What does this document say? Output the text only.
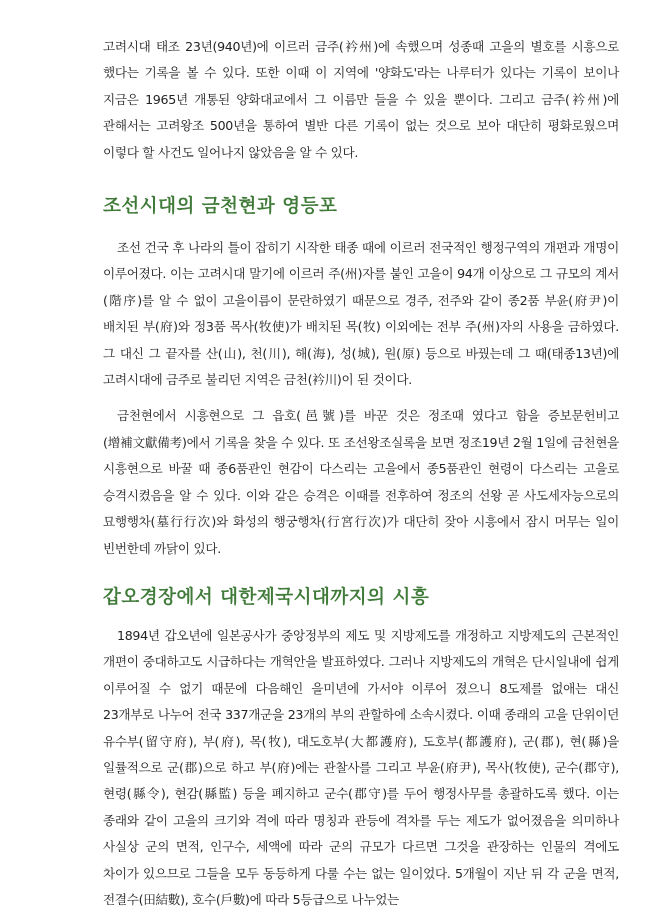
고려시대 태조 23년(940년)에 이르러 금주(衿州)에 속했으며 성종때 고을의 별호를 시흥으로 했다는 기록을 볼 수 있다. 또한 이때 이 지역에 '양화도'라는 나루터가 있다는 기록이 보이나 지금은 1965년 개통된 양화대교에서 그 이름만 들을 수 있을 뿐이다. 그리고 금주(衿州)에 관해서는 고려왕조 500년을 통하여 별반 다른 기록이 없는 것으로 보아 대단히 평화로웠으며 이렇다 할 사건도 일어나지 않았음을 알 수 있다.

조선시대의 금천현과 영등포

조선 건국 후 나라의 틀이 잡히기 시작한 태종 때에 이르러 전국적인 행정구역의 개편과 개명이 이루어졌다. 이는 고려시대 말기에 이르러 주(州)자를 붙인 고을이 94개 이상으로 그 규모의 계서(階序)를 알 수 없이 고을이름이 문란하였기 때문으로 경주, 전주와 같이 종2품 부윤(府尹)이 배치된 부(府)와 정3품 목사(牧使)가 배치된 목(牧) 이외에는 전부 주(州)자의 사용을 금하였다. 그 대신 그 끝자를 산(山), 천(川), 해(海), 성(城), 원(原) 등으로 바꿨는데 그 때(태종13년)에 고려시대에 금주로 불리던 지역은 금천(衿川)이 된 것이다.

금천현에서 시흥현으로 그 읍호(邑號)를 바꾼 것은 정조때 였다고 함을 증보문헌비고(增補文獻備考)에서 기록을 찾을 수 있다. 또 조선왕조실록을 보면 정조19년 2월 1일에 금천현을 시흥현으로 바꿀 때 종6품관인 현감이 다스리는 고을에서 종5품관인 현령이 다스리는 고을로 승격시켰음을 알 수 있다. 이와 같은 승격은 이때를 전후하여 정조의 선왕 곧 사도세자능으로의 묘행행차(墓行行次)와 화성의 행궁행차(行宮行次)가 대단히 잦아 시흥에서 잠시 머무는 일이 빈번한데 까닭이 있다.

갑오경장에서 대한제국시대까지의 시흥

1894년 갑오년에 일본공사가 중앙정부의 제도 및 지방제도를 개정하고 지방제도의 근본적인 개편이 중대하고도 시급하다는 개혁안을 발표하였다. 그러나 지방제도의 개혁은 단시일내에 쉽게 이루어질 수 없기 때문에 다음해인 을미년에 가서야 이루어 졌으니 8도제를 없애는 대신 23개부로 나누어 전국 337개군을 23개의 부의 관할하에 소속시켰다. 이때 종래의 고을 단위이던 유수부(留守府), 부(府), 목(牧), 대도호부(大都護府), 도호부(都護府), 군(郡), 현(縣)을 일률적으로 군(郡)으로 하고 부(府)에는 관찰사를 그리고 부윤(府尹), 목사(牧使), 군수(郡守), 현령(縣令), 현감(縣監) 등을 폐지하고 군수(郡守)를 두어 행정사무를 총괄하도록 했다. 이는 종래와 같이 고을의 크기와 격에 따라 명칭과 관등에 격차를 두는 제도가 없어졌음을 의미하나 사실상 군의 면적, 인구수, 세액에 따라 군의 규모가 다르면 그것을 관장하는 인물의 격에도 차이가 있으므로 그들을 모두 동등하게 다룰 수는 없는 일이었다. 5개월이 지난 뒤 각 군을 면적, 전결수(田結數), 호수(戶數)에 따라 5등급으로 나누었는
